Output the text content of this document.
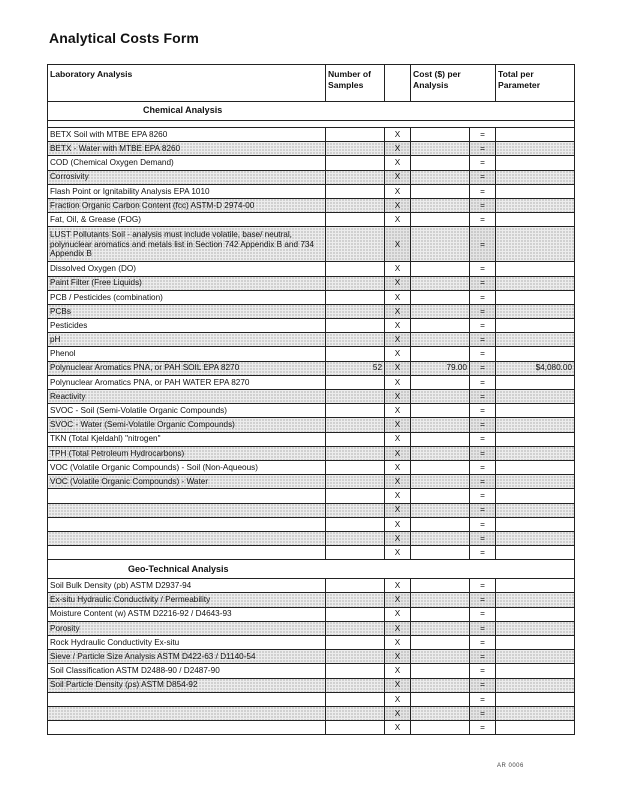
Analytical Costs Form
Laboratory Analysis	Number of Samples		Cost ($) per Analysis		Total per Parameter
Chemical Analysis					

BETX Soil with MTBE EPA 8260		X		=	
BETX - Water with MTBE EPA 8260		X		=	
COD (Chemical Oxygen Demand)		X		=	
Corrosivity		X		=	
Flash Point or Ignitability Analysis EPA 1010		X		=	
Fraction Organic Carbon Content (fcc) ASTM-D 2974-00		X		=	
Fat, Oil, & Grease (FOG)		X		=	
LUST Pollutants Soil - analysis must include volatile, base/ neutral, polynuclear aromatics and metals list in Section 742 Appendix B and 734 Appendix B		X		=	
Dissolved Oxygen (DO)		X		=	
Paint Filter (Free Liquids)		X		=	
PCB / Pesticides (combination)		X		=	
PCBs		X		=	
Pesticides		X		=	
pH		X		=	
Phenol		X		=	
Polynuclear Aromatics PNA, or PAH SOIL EPA 8270	52	X	79.00	=	$4,080.00
Polynuclear Aromatics PNA, or PAH WATER EPA 8270		X		=	
Reactivity		X		=	
SVOC - Soil (Semi-Volatile Organic Compounds)		X		=	
SVOC - Water (Semi-Volatile Organic Compounds)		X		=	
TKN (Total Kjeldahl) "nitrogen"		X		=	
TPH (Total Petroleum Hydrocarbons)		X		=	
VOC (Volatile Organic Compounds) - Soil (Non-Aqueous)		X		=	
VOC (Volatile Organic Compounds) - Water		X		=	
		X		=	
		X		=	
		X		=	
		X		=	
		X		=	
Geo-Technical Analysis					
Soil Bulk Density (ρb) ASTM D2937-94		X		=	
Ex-situ Hydraulic Conductivity / Permeability		X		=	
Moisture Content (w) ASTM D2216-92 / D4643-93		X		=	
Porosity		X		=	
Rock Hydraulic Conductivity Ex-situ		X		=	
Sieve / Particle Size Analysis ASTM D422-63 / D1140-54		X		=	
Soil Classification ASTM D2488-90 / D2487-90		X		=	
Soil Particle Density (ρs) ASTM D854-92		X		=	
		X		=	
		X		=	
		X		=	
AR 0006
